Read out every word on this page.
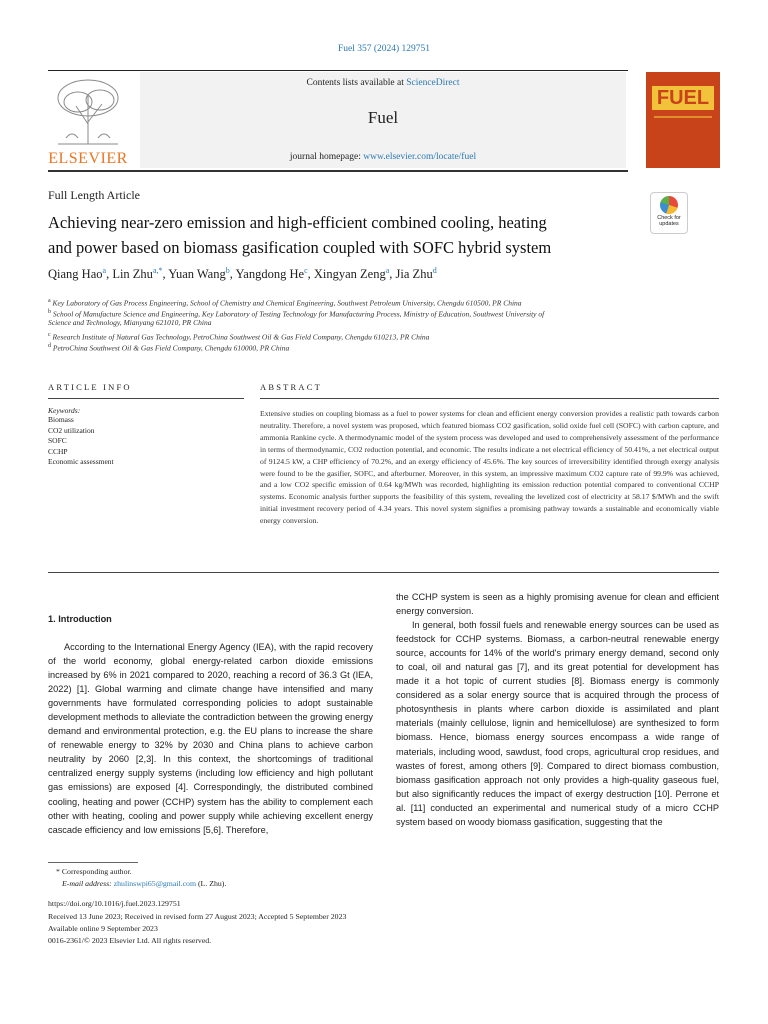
Fuel 357 (2024) 129751
ELSEVIER
Contents lists available at ScienceDirect
Fuel
journal homepage: www.elsevier.com/locate/fuel
FUEL
Full Length Article
Achieving near-zero emission and high-efficient combined cooling, heating
and power based on biomass gasification coupled with SOFC hybrid system
Check for
updates
Qiang Hao$^a$, Lin Zhu$^{a,*}$, Yuan Wang$^b$, Yangdong He$^c$, Xingyan Zeng$^a$, Jia Zhu$^d$
$^a$ Key Laboratory of Gas Process Engineering, School of Chemistry and Chemical Engineering, Southwest Petroleum University, Chengdu 610500, PR China
$^b$ School of Manufacture Science and Engineering, Key Laboratory of Testing Technology for Manufacturing Process, Ministry of Education, Southwest University of
Science and Technology, Mianyang 621010, PR China
$^c$ Research Institute of Natural Gas Technology, PetroChina Southwest Oil & Gas Field Company, Chengdu 610213, PR China
$^d$ PetroChina Southwest Oil & Gas Field Company, Chengdu 610000, PR China
ARTICLE INFO	ABSTRACT
Keywords:
Biomass
CO2 utilization
SOFC
CCHP
Economic assessment
Extensive studies on coupling biomass as a fuel to power systems for clean and efficient energy conversion provides a realistic path towards carbon neutrality. Therefore, a novel system was proposed, which featured biomass CO2 gasification, solid oxide fuel cell (SOFC) with carbon capture, and ammonia Rankine cycle. A thermodynamic model of the system process was developed and used to comprehensively assessment of the performance in terms of thermodynamic, CO2 reduction potential, and economic. The results indicate a net electrical efficiency of 50.41%, a net electrical output of 9124.5 kW, a CHP efficiency of 70.2%, and an exergy efficiency of 45.6%. The key sources of irreversibility identified through exergy analysis were found to be the gasifier, SOFC, and afterburner. Moreover, in this system, an impressive maximum CO2 capture rate of 99.9% was achieved, and a low CO2 specific emission of 0.64 kg/MWh was recorded, highlighting its emission reduction potential compared to conventional CCHP systems. Economic analysis further supports the feasibility of this system, revealing the levelized cost of electricity at 58.17 $/MWh and the swift initial investment recovery period of 4.34 years. This novel system signifies a promising pathway towards a sustainable and economically viable energy conversion.
1. Introduction

According to the International Energy Agency (IEA), with the rapid recovery of the world economy, global energy-related carbon dioxide emissions increased by 6% in 2021 compared to 2020, reaching a record of 36.3 Gt (IEA, 2022) [1]. Global warming and climate change have intensified and many governments have formulated corresponding policies to adopt sustainable development methods to alleviate the contradiction between the growing energy demand and environmental protection, e.g. the EU plans to increase the share of renewable energy to 32% by 2030 and China plans to achieve carbon neutrality by 2060 [2,3]. In this context, the shortcomings of traditional centralized energy supply systems (including low efficiency and high pollutant gas emissions) are exposed [4]. Correspondingly, the distributed combined cooling, heating and power (CCHP) system has the ability to complement each other with heating, cooling and power supply while achieving excellent energy cascade efficiency and low emissions [5,6]. Therefore,

the CCHP system is seen as a highly promising avenue for clean and efficient energy conversion.

In general, both fossil fuels and renewable energy sources can be used as feedstock for CCHP systems. Biomass, a carbon-neutral renewable energy source, accounts for 14% of the world's primary energy demand, second only to coal, oil and natural gas [7], and its great potential for development has made it a hot topic of current studies [8]. Biomass energy is commonly considered as a solar energy source that is acquired through the process of photosynthesis in plants where carbon dioxide is assimilated and plant materials (mainly cellulose, lignin and hemicellulose) are synthesized to form biomass. Hence, biomass energy sources encompass a wide range of materials, including wood, sawdust, food crops, agricultural crop residues, and wastes of forest, among others [9]. Compared to direct biomass combustion, biomass gasification approach not only provides a high-quality gaseous fuel, but also significantly reduces the impact of exergy destruction [10]. Perrone et al. [11] conducted an experimental and numerical study of a micro CCHP system based on woody biomass gasification, suggesting that the

* Corresponding author.
E-mail address: zhulinswpi65@gmail.com (L. Zhu).
https://doi.org/10.1016/j.fuel.2023.129751
Received 13 June 2023; Received in revised form 27 August 2023; Accepted 5 September 2023
Available online 9 September 2023
0016-2361/© 2023 Elsevier Ltd. All rights reserved.
